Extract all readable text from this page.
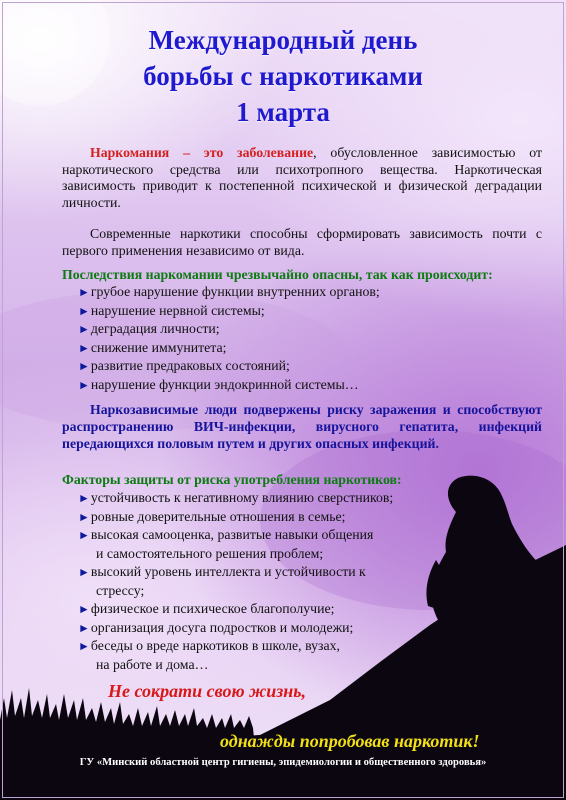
Международный день
борьбы с наркотиками
1 марта
Наркомания – это заболевание, обусловленное зависимостью от наркотического средства или психотропного вещества. Наркотическая зависимость приводит к постепенной психической и физической деградации личности.
Современные наркотики способны сформировать зависимость почти с первого применения независимо от вида.
Последствия наркомании чрезвычайно опасны, так как происходит:
►грубое нарушение функции внутренних органов;
►нарушение нервной системы;
►деградация личности;
►снижение иммунитета;
►развитие предраковых состояний;
►нарушение функции эндокринной системы…
Наркозависимые люди подвержены риску заражения и способствуют распространению ВИЧ-инфекции, вирусного гепатита, инфекций передающихся половым путем и других опасных инфекций.
Факторы защиты от риска употребления наркотиков:
►устойчивость к негативному влиянию сверстников;
►ровные доверительные отношения в семье;
►высокая самооценка, развитые навыки общения
и самостоятельного решения проблем;
►высокий уровень интеллекта и устойчивости к
стрессу;
►физическое и психическое благополучие;
►организация досуга подростков и молодежи;
►беседы о вреде наркотиков в школе, вузах,
на работе и дома…
Не сократи свою жизнь,
однажды попробовав наркотик!
ГУ «Минский областной центр гигиены, эпидемиологии и общественного здоровья»
